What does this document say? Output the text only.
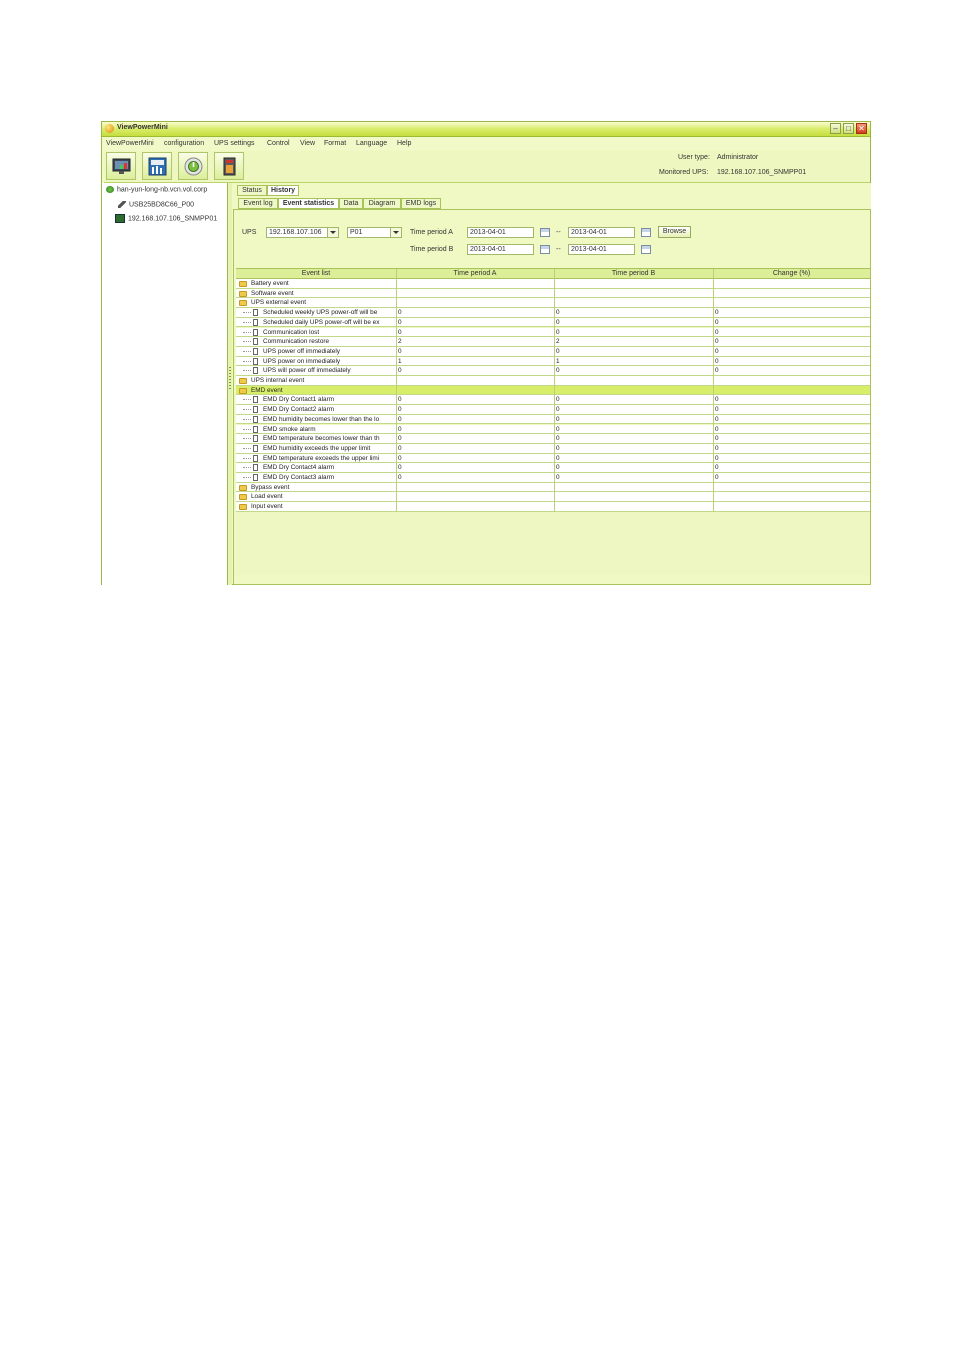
ViewPowerMini	–	□ ✕
ViewPowerMini configuration UPS settings Control View Format Language Help
User type: Administrator
Monitored UPS: 192.168.107.106_SNMPP01
han-yun-long-nb.vcn.vol.corp
USB25BD8C66_P00
192.168.107.106_SNMPP01
Status	History
Event log	Event statistics	Data	Diagram	EMD logs
UPS	192.168.107.106	P01	Time period A	2013-04-01	--	2013-04-01	Browse
Time period B	2013-04-01	--	2013-04-01
Event list	Time period A	Time period B	Change (%)
Battery event
Software event
UPS external event
Scheduled weekly UPS power-off will be	0	0	0
Scheduled daily UPS power-off will be ex	0	0	0
Communication lost	0	0	0
Communication restore	2	2	0
UPS power off immediately	0	0	0
UPS power on immediately	1	1	0
UPS will power off immediately	0	0	0
UPS internal event
EMD event
EMD Dry Contact1 alarm	0	0	0
EMD Dry Contact2 alarm	0	0	0
EMD humidity becomes lower than the lo	0	0	0
EMD smoke alarm	0	0	0
EMD temperature becomes lower than th	0	0	0
EMD humidity exceeds the upper limit	0	0	0
EMD temperature exceeds the upper limi	0	0	0
EMD Dry Contact4 alarm	0	0	0
EMD Dry Contact3 alarm	0	0	0
Bypass event
Load event
Input event
